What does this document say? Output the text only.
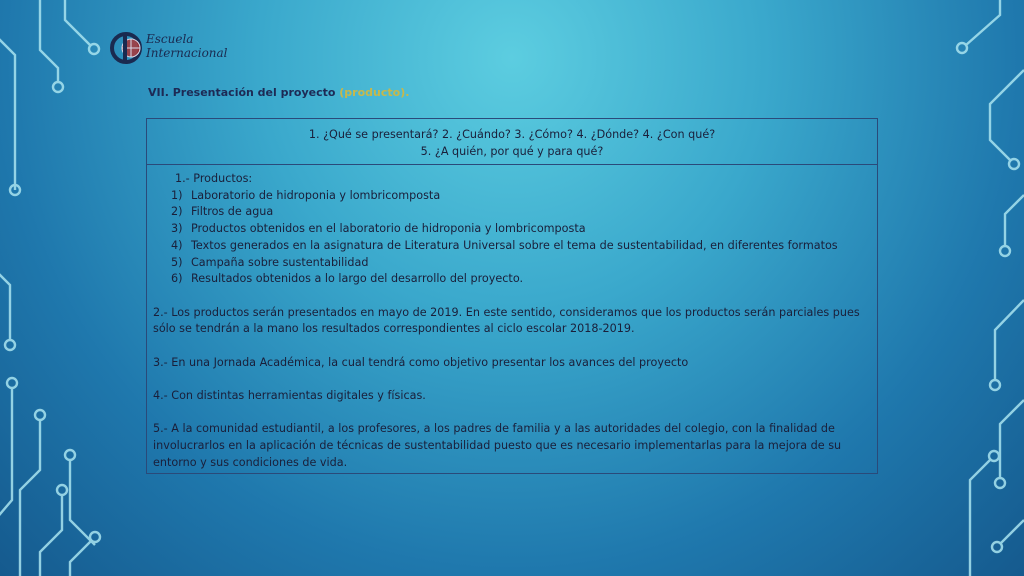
Escuela
Internacional
VII. Presentación del proyecto (producto).
1. ¿Qué se presentará? 2. ¿Cuándo? 3. ¿Cómo? 4. ¿Dónde? 4. ¿Con qué?
5. ¿A quién, por qué y para qué?
1.- Productos:
1) Laboratorio de hidroponia y lombricomposta
2) Filtros de agua
3) Productos obtenidos en el laboratorio de hidroponia y lombricomposta
4) Textos generados en la asignatura de Literatura Universal sobre el tema de sustentabilidad, en diferentes formatos
5) Campaña sobre sustentabilidad
6) Resultados obtenidos a lo largo del desarrollo del proyecto.
2.- Los productos serán presentados en mayo de 2019. En este sentido, consideramos que los productos serán parciales pues sólo se tendrán a la mano los resultados correspondientes al ciclo escolar 2018-2019.
3.- En una Jornada Académica, la cual tendrá como objetivo presentar los avances del proyecto
4.- Con distintas herramientas digitales y físicas.
5.- A la comunidad estudiantil, a los profesores, a los padres de familia y a las autoridades del colegio, con la finalidad de involucrarlos en la aplicación de técnicas de sustentabilidad puesto que es necesario implementarlas para la mejora de su entorno y sus condiciones de vida.
